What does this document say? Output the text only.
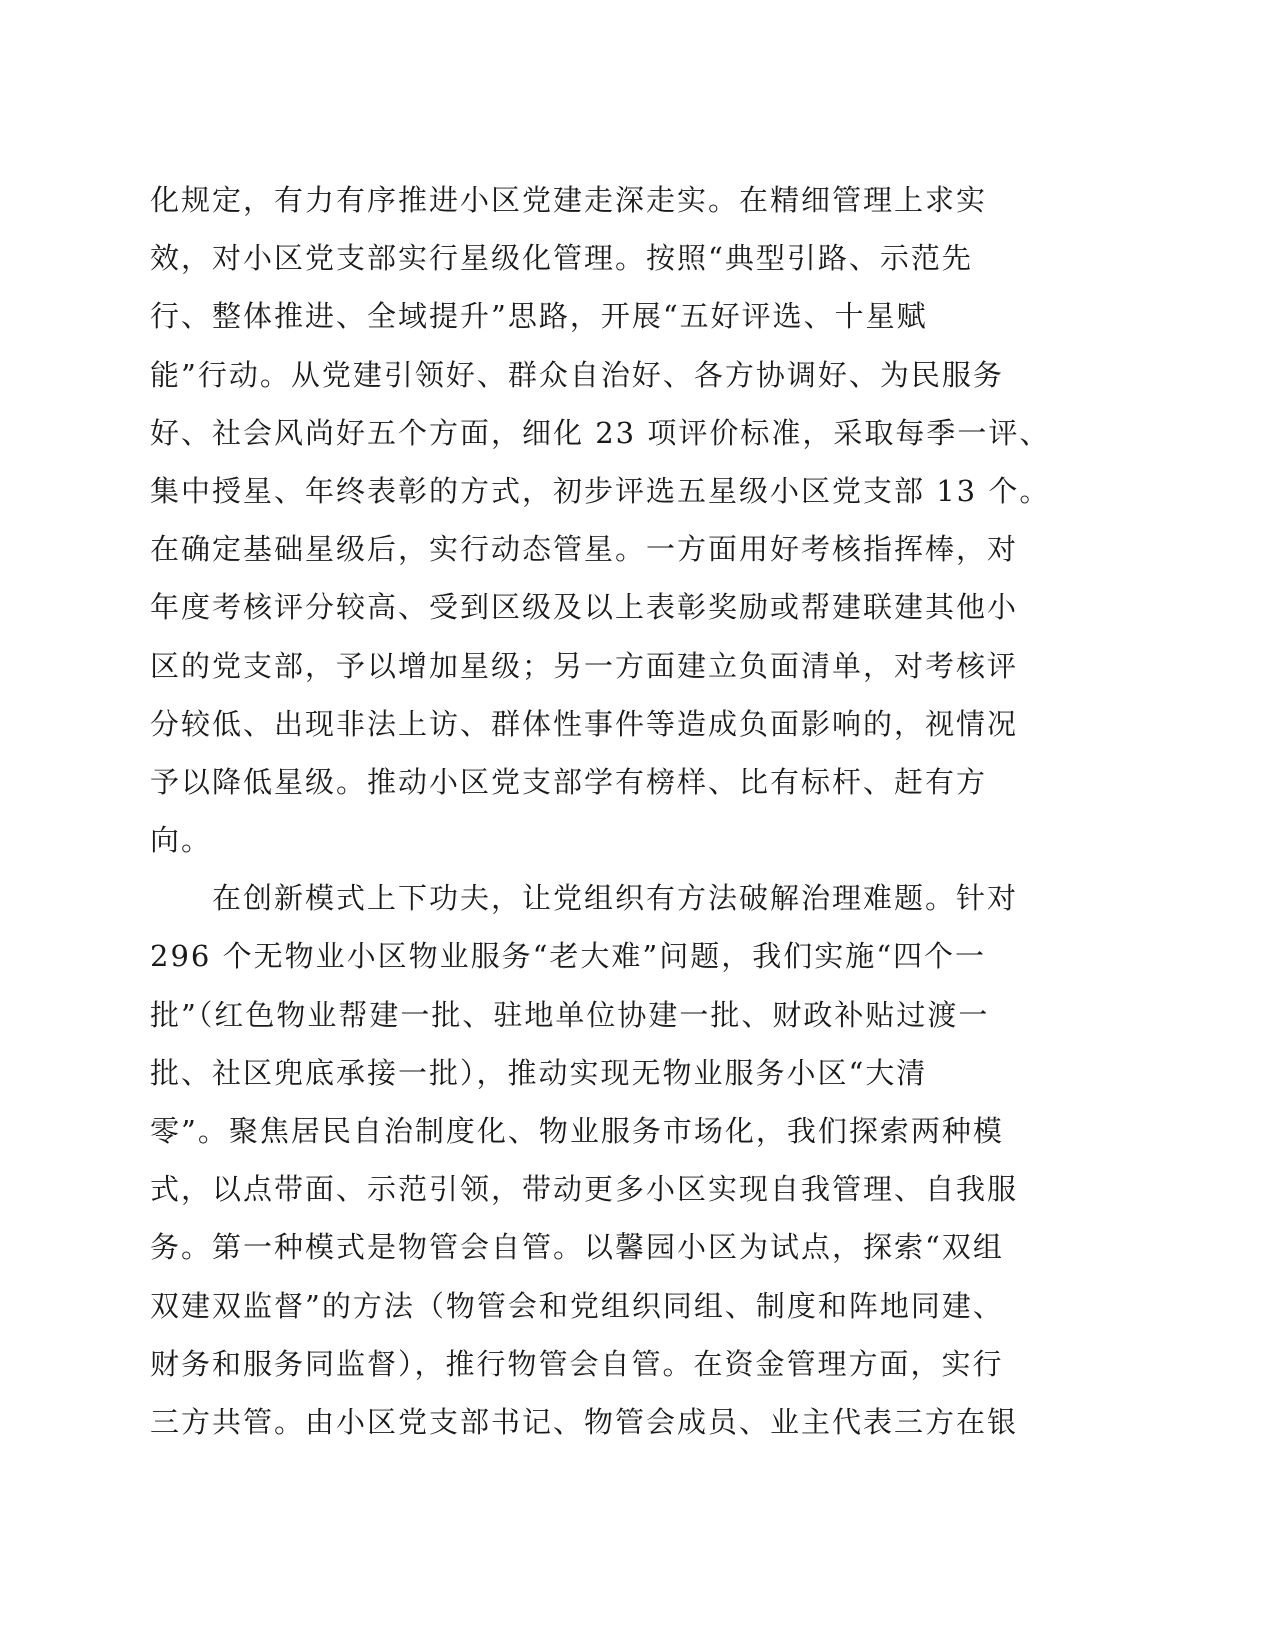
化规定，有力有序推进小区党建走深走实。在精细管理上求实
效，对小区党支部实行星级化管理。按照“典型引路、示范先
行、整体推进、全域提升”思路，开展“五好评选、十星赋
能”行动。从党建引领好、群众自治好、各方协调好、为民服务
好、社会风尚好五个方面，细化 23 项评价标准，采取每季一评、
集中授星、年终表彰的方式，初步评选五星级小区党支部 13 个。
在确定基础星级后，实行动态管星。一方面用好考核指挥棒，对
年度考核评分较高、受到区级及以上表彰奖励或帮建联建其他小
区的党支部，予以增加星级；另一方面建立负面清单，对考核评
分较低、出现非法上访、群体性事件等造成负面影响的，视情况
予以降低星级。推动小区党支部学有榜样、比有标杆、赶有方
向。
在创新模式上下功夫，让党组织有方法破解治理难题。针对
296 个无物业小区物业服务“老大难”问题，我们实施“四个一
批”（红色物业帮建一批、驻地单位协建一批、财政补贴过渡一
批、社区兜底承接一批），推动实现无物业服务小区“大清
零”。聚焦居民自治制度化、物业服务市场化，我们探索两种模
式，以点带面、示范引领，带动更多小区实现自我管理、自我服
务。第一种模式是物管会自管。以馨园小区为试点，探索“双组
双建双监督”的方法（物管会和党组织同组、制度和阵地同建、
财务和服务同监督），推行物管会自管。在资金管理方面，实行
三方共管。由小区党支部书记、物管会成员、业主代表三方在银
